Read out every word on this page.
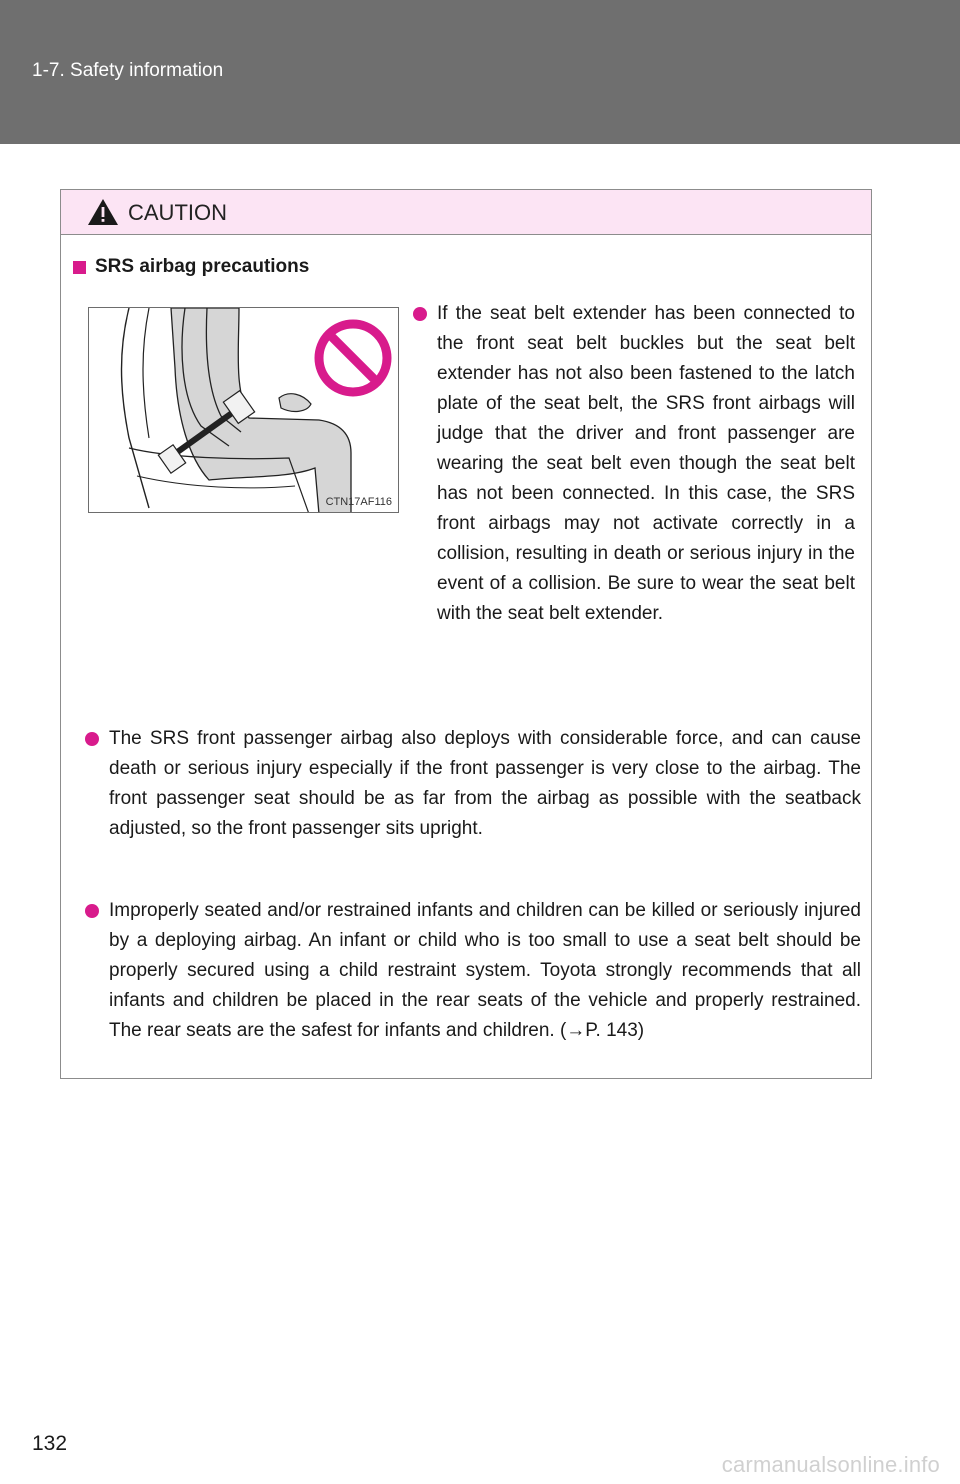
1-7. Safety information
CAUTION
SRS airbag precautions
CTN17AF116
If the seat belt extender has been connected to the front seat belt buckles but the seat belt extender has not also been fastened to the latch plate of the seat belt, the SRS front airbags will judge that the driver and front passenger are wearing the seat belt even though the seat belt has not been connected. In this case, the SRS front airbags may not activate correctly in a collision, resulting in death or serious injury in the event of a collision. Be sure to wear the seat belt with the seat belt extender.
The SRS front passenger airbag also deploys with considerable force, and can cause death or serious injury especially if the front passenger is very close to the airbag. The front passenger seat should be as far from the airbag as possible with the seatback adjusted, so the front passenger sits upright.
Improperly seated and/or restrained infants and children can be killed or seriously injured by a deploying airbag. An infant or child who is too small to use a seat belt should be properly secured using a child restraint system. Toyota strongly recommends that all infants and children be placed in the rear seats of the vehicle and properly restrained. The rear seats are the safest for infants and children. (→P. 143)
132
carmanualsonline.info
